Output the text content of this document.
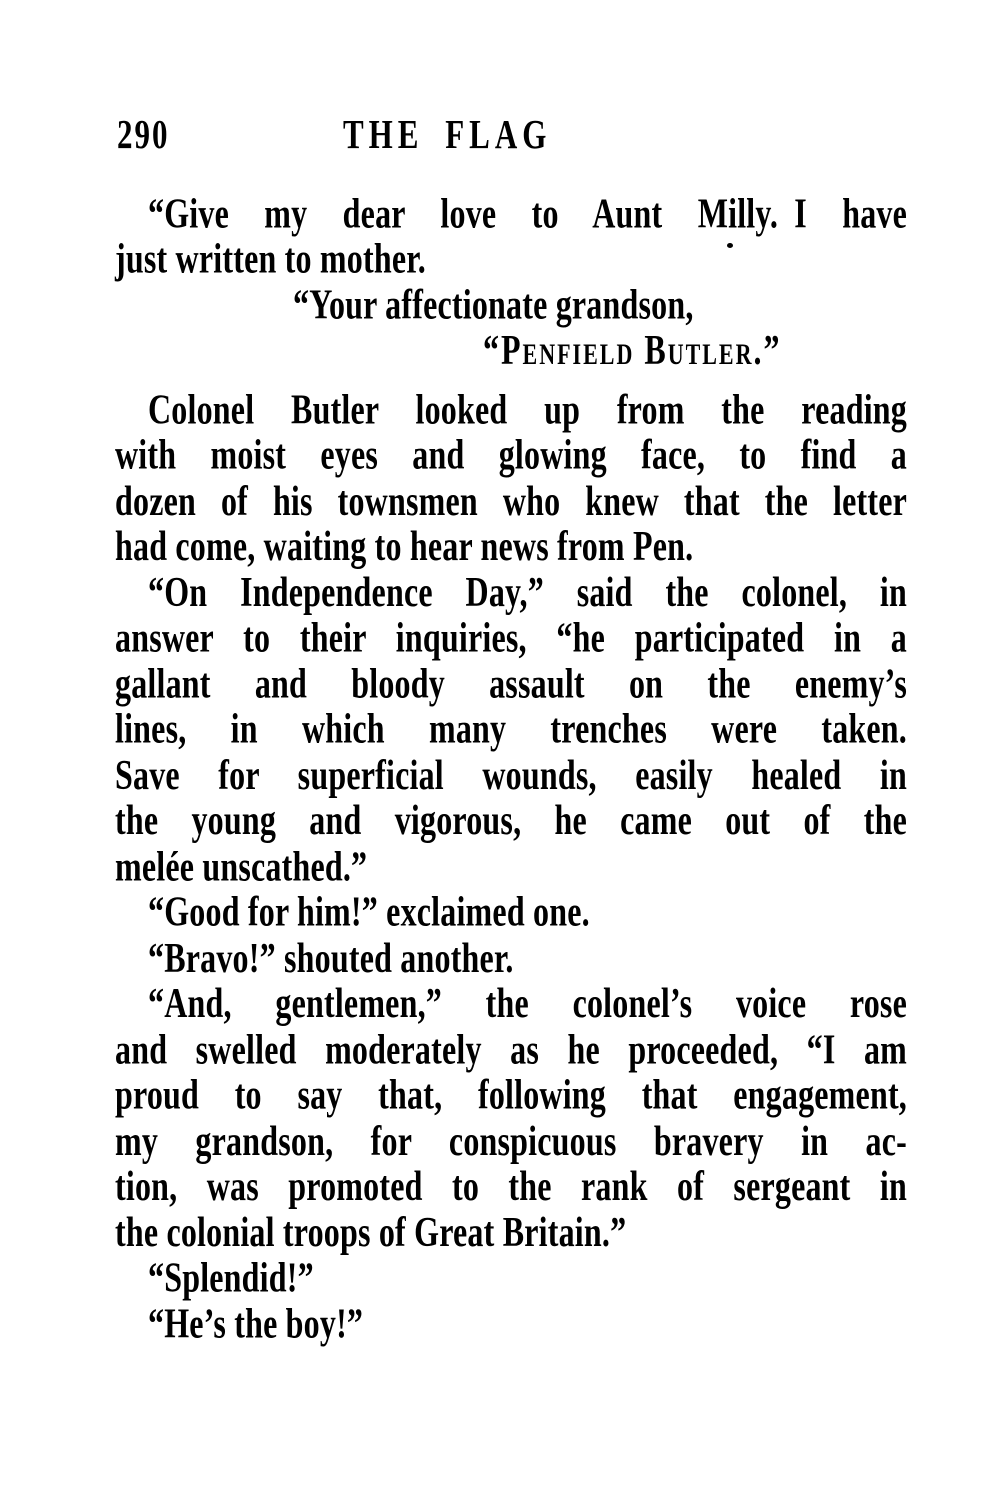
290	THE FLAG
“Give my dear love to Aunt Milly. I have
just written to mother.
“Your affectionate grandson,
“Penfield Butler.”
Colonel Butler looked up from the reading
with moist eyes and glowing face, to find a
dozen of his townsmen who knew that the letter
had come, waiting to hear news from Pen.
“On Independence Day,” said the colonel, in
answer to their inquiries, “he participated in a
gallant and bloody assault on the enemy’s
lines, in which many trenches were taken.
Save for superficial wounds, easily healed in
the young and vigorous, he came out of the
melée unscathed.”
“Good for him!” exclaimed one.
“Bravo!” shouted another.
“And, gentlemen,” the colonel’s voice rose
and swelled moderately as he proceeded, “I am
proud to say that, following that engagement,
my grandson, for conspicuous bravery in ac-
tion, was promoted to the rank of sergeant in
the colonial troops of Great Britain.”
“Splendid!”
“He’s the boy!”
